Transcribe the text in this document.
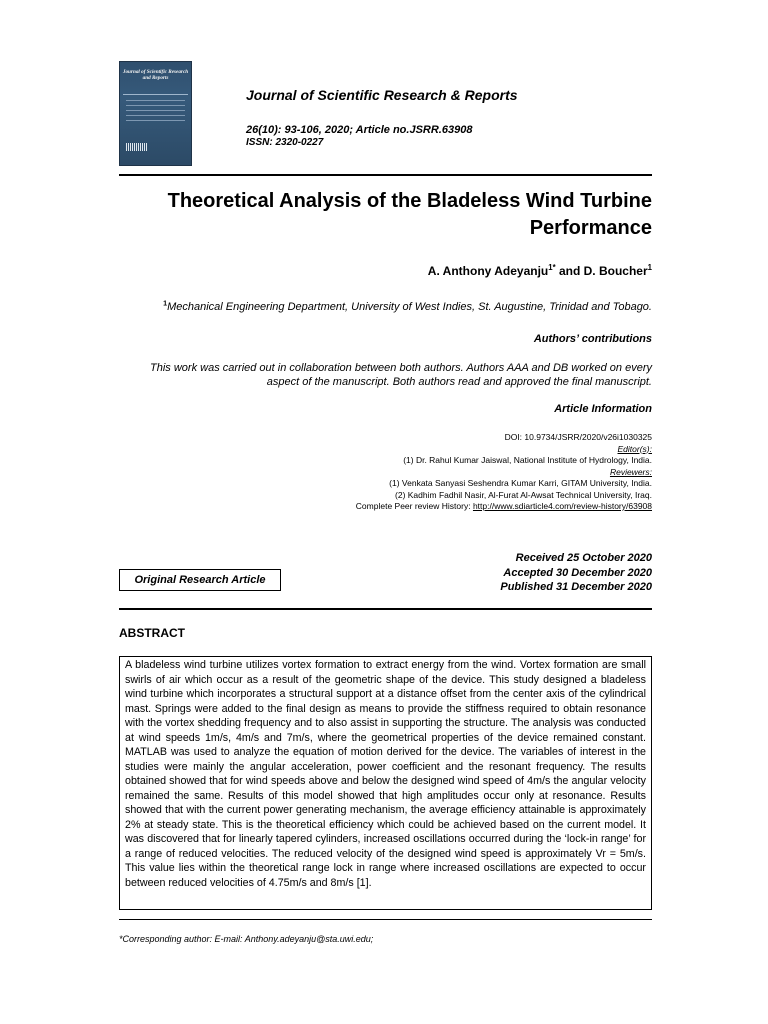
Journal of Scientific Research and Reports
Journal of Scientific Research & Reports
26(10): 93-106, 2020; Article no.JSRR.63908
ISSN: 2320-0227
Theoretical Analysis of the Bladeless Wind Turbine Performance
A. Anthony Adeyanju$^{1*}$ and D. Boucher$^1$
$^1$Mechanical Engineering Department, University of West Indies, St. Augustine, Trinidad and Tobago.
Authors’ contributions
This work was carried out in collaboration between both authors. Authors AAA and DB worked on every aspect of the manuscript. Both authors read and approved the final manuscript.
Article Information
DOI: 10.9734/JSRR/2020/v26i1030325
Editor(s):
(1) Dr. Rahul Kumar Jaiswal, National Institute of Hydrology, India.
Reviewers:
(1) Venkata Sanyasi Seshendra Kumar Karri, GITAM University, India.
(2) Kadhim Fadhil Nasir, Al-Furat Al-Awsat Technical University, Iraq.
Complete Peer review History: http://www.sdiarticle4.com/review-history/63908
Received 25 October 2020
Accepted 30 December 2020
Published 31 December 2020
Original Research Article
ABSTRACT
A bladeless wind turbine utilizes vortex formation to extract energy from the wind. Vortex formation are small swirls of air which occur as a result of the geometric shape of the device. This study designed a bladeless wind turbine which incorporates a structural support at a distance offset from the center axis of the cylindrical mast. Springs were added to the final design as means to provide the stiffness required to obtain resonance with the vortex shedding frequency and to also assist in supporting the structure. The analysis was conducted at wind speeds 1m/s, 4m/s and 7m/s, where the geometrical properties of the device remained constant. MATLAB was used to analyze the equation of motion derived for the device. The variables of interest in the studies were mainly the angular acceleration, power coefficient and the resonant frequency. The results obtained showed that for wind speeds above and below the designed wind speed of 4m/s the angular velocity remained the same. Results of this model showed that high amplitudes occur only at resonance. Results showed that with the current power generating mechanism, the average efficiency attainable is approximately 2% at steady state. This is the theoretical efficiency which could be achieved based on the current model. It was discovered that for linearly tapered cylinders, increased oscillations occurred during the ‘lock-in range’ for a range of reduced velocities. The reduced velocity of the designed wind speed is approximately Vr = 5m/s. This value lies within the theoretical range lock in range where increased oscillations are expected to occur between reduced velocities of 4.75m/s and 8m/s [1].
*Corresponding author: E-mail: Anthony.adeyanju@sta.uwi.edu;
